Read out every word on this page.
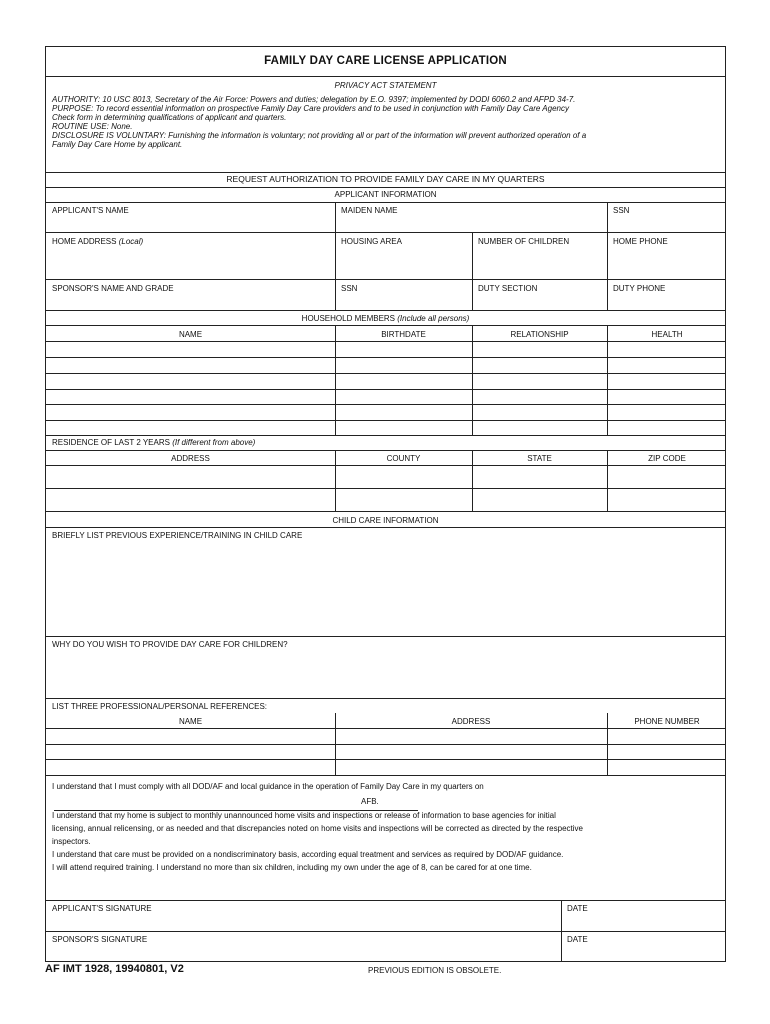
FAMILY DAY CARE LICENSE APPLICATION
PRIVACY ACT STATEMENT
AUTHORITY: 10 USC 8013, Secretary of the Air Force: Powers and duties; delegation by E.O. 9397; implemented by DODI 6060.2 and AFPD 34-7.
PURPOSE: To record essential information on prospective Family Day Care providers and to be used in conjunction with Family Day Care Agency
Check form in determining qualifications of applicant and quarters.
ROUTINE USE: None.
DISCLOSURE IS VOLUNTARY: Furnishing the information is voluntary; not providing all or part of the information will prevent authorized operation of a
Family Day Care Home by applicant.
REQUEST AUTHORIZATION TO PROVIDE FAMILY DAY CARE IN MY QUARTERS
APPLICANT INFORMATION
APPLICANT'S NAME	MAIDEN NAME	SSN
HOME ADDRESS (Local)	HOUSING AREA	NUMBER OF CHILDREN	HOME PHONE
SPONSOR'S NAME AND GRADE	SSN	DUTY SECTION	DUTY PHONE
HOUSEHOLD MEMBERS (Include all persons)
NAME	BIRTHDATE	RELATIONSHIP	HEALTH
RESIDENCE OF LAST 2 YEARS (If different from above)
ADDRESS	COUNTY	STATE	ZIP CODE
CHILD CARE INFORMATION
BRIEFLY LIST PREVIOUS EXPERIENCE/TRAINING IN CHILD CARE
WHY DO YOU WISH TO PROVIDE DAY CARE FOR CHILDREN?
LIST THREE PROFESSIONAL/PERSONAL REFERENCES:
NAME	ADDRESS	PHONE NUMBER
I understand that I must comply with all DOD/AF and local guidance in the operation of Family Day Care in my quarters on
AFB.
I understand that my home is subject to monthly unannounced home visits and inspections or release of information to base agencies for initial
licensing, annual relicensing, or as needed and that discrepancies noted on home visits and inspections will be corrected as directed by the respective
inspectors.
I understand that care must be provided on a nondiscriminatory basis, according equal treatment and services as required by DOD/AF guidance.
I will attend required training. I understand no more than six children, including my own under the age of 8, can be cared for at one time.
APPLICANT'S SIGNATURE	DATE
SPONSOR'S SIGNATURE	DATE
AF IMT 1928, 19940801, V2	PREVIOUS EDITION IS OBSOLETE.
